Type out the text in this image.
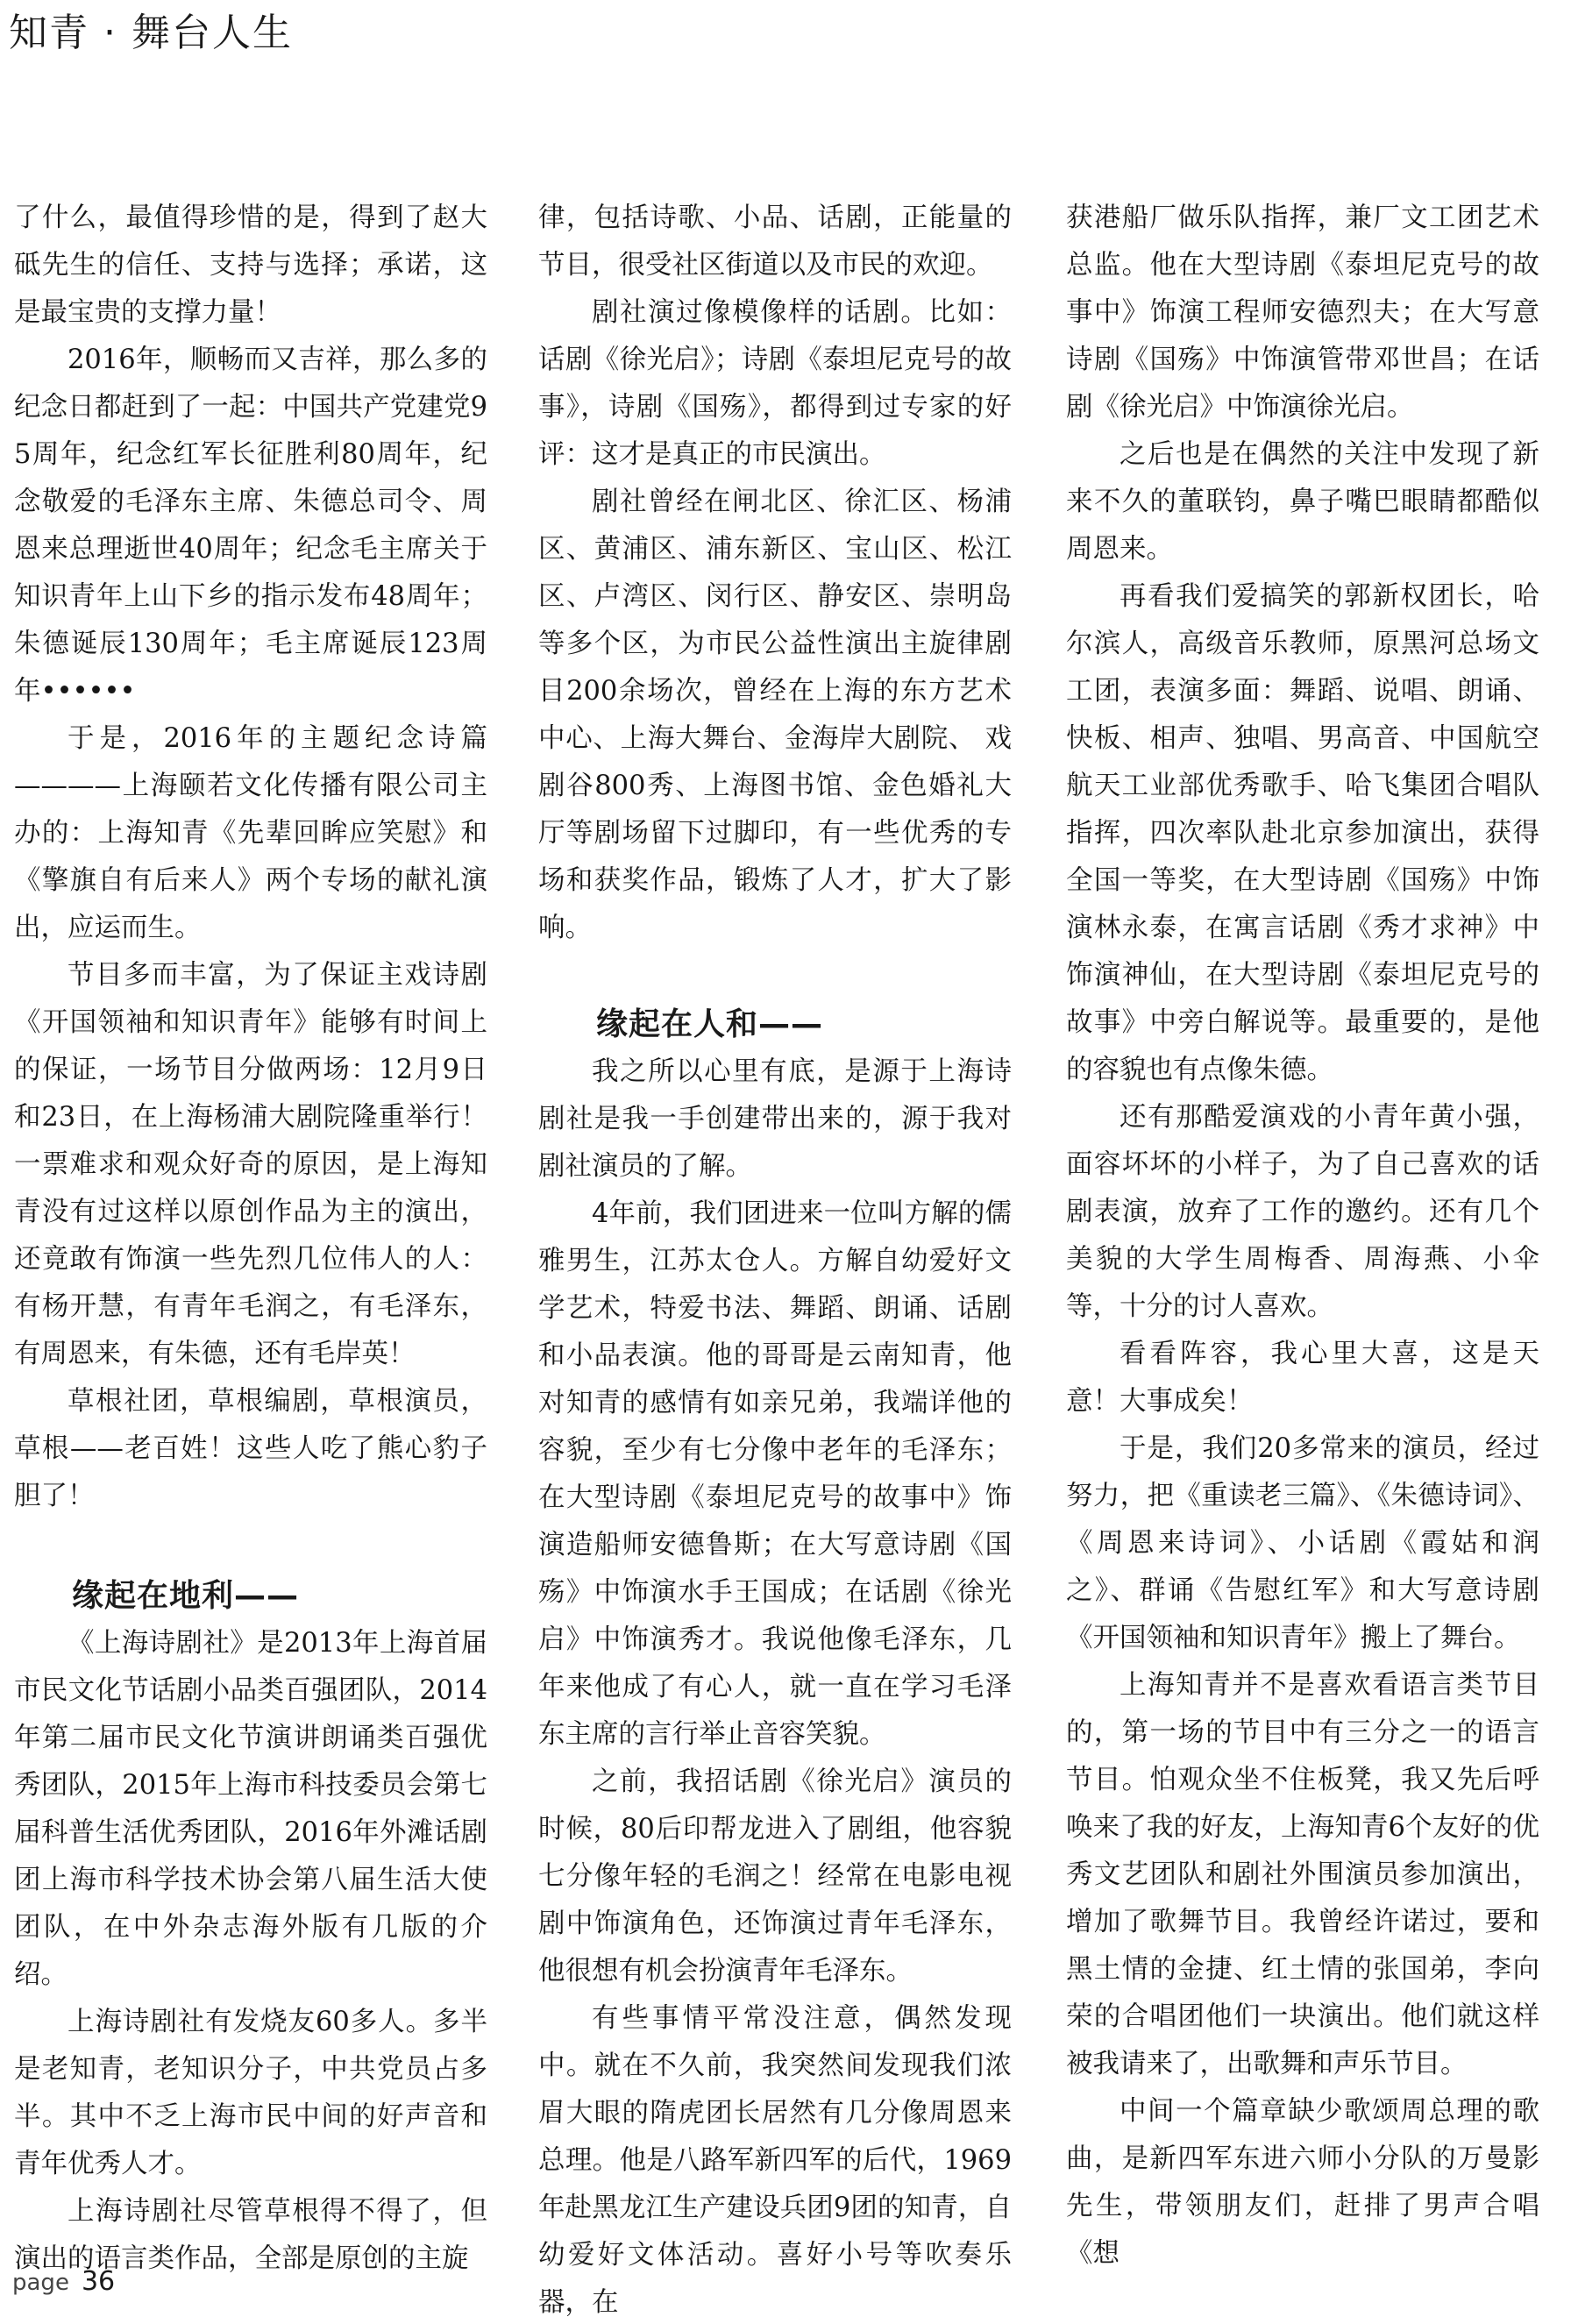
知青 · 舞台人生

了什么，最值得珍惜的是，得到了赵大砥先生的信任、支持与选择；承诺，这是最宝贵的支撑力量！

2016年，顺畅而又吉祥，那么多的纪念日都赶到了一起：中国共产党建党95周年，纪念红军长征胜利80周年，纪念敬爱的毛泽东主席、朱德总司令、周恩来总理逝世40周年；纪念毛主席关于知识青年上山下乡的指示发布48周年；朱德诞辰130周年；毛主席诞辰123周年••••••

于是，2016年的主题纪念诗篇————上海颐若文化传播有限公司主办的：上海知青《先辈回眸应笑慰》和《擎旗自有后来人》两个专场的献礼演出，应运而生。

节目多而丰富，为了保证主戏诗剧《开国领袖和知识青年》能够有时间上的保证，一场节目分做两场：12月9日和23日，在上海杨浦大剧院隆重举行！一票难求和观众好奇的原因，是上海知青没有过这样以原创作品为主的演出，还竟敢有饰演一些先烈几位伟人的人：有杨开慧，有青年毛润之，有毛泽东，有周恩来，有朱德，还有毛岸英！

草根社团，草根编剧，草根演员，草根——老百姓！这些人吃了熊心豹子胆了！

缘起在地利——

《上海诗剧社》是2013年上海首届市民文化节话剧小品类百强团队，2014年第二届市民文化节演讲朗诵类百强优秀团队，2015年上海市科技委员会第七届科普生活优秀团队，2016年外滩话剧团上海市科学技术协会第八届生活大使团队，在中外杂志海外版有几版的介绍。

上海诗剧社有发烧友60多人。多半是老知青，老知识分子，中共党员占多半。其中不乏上海市民中间的好声音和青年优秀人才。

上海诗剧社尽管草根得不得了，但演出的语言类作品，全部是原创的主旋

律，包括诗歌、小品、话剧，正能量的节目，很受社区街道以及市民的欢迎。

剧社演过像模像样的话剧。比如：话剧《徐光启》；诗剧《泰坦尼克号的故事》，诗剧《国殇》，都得到过专家的好评：这才是真正的市民演出。

剧社曾经在闸北区、徐汇区、杨浦区、黄浦区、浦东新区、宝山区、松江区、卢湾区、闵行区、静安区、崇明岛等多个区，为市民公益性演出主旋律剧目200余场次，曾经在上海的东方艺术中心、上海大舞台、金海岸大剧院、 戏剧谷800秀、上海图书馆、金色婚礼大厅等剧场留下过脚印，有一些优秀的专场和获奖作品，锻炼了人才，扩大了影响。

缘起在人和——

我之所以心里有底，是源于上海诗剧社是我一手创建带出来的，源于我对剧社演员的了解。

4年前，我们团进来一位叫方解的儒雅男生，江苏太仓人。方解自幼爱好文学艺术，特爱书法、舞蹈、朗诵、话剧和小品表演。他的哥哥是云南知青，他对知青的感情有如亲兄弟，我端详他的容貌，至少有七分像中老年的毛泽东；在大型诗剧《泰坦尼克号的故事中》饰演造船师安德鲁斯；在大写意诗剧《国殇》中饰演水手王国成；在话剧《徐光启》中饰演秀才。我说他像毛泽东，几年来他成了有心人，就一直在学习毛泽东主席的言行举止音容笑貌。

之前，我招话剧《徐光启》演员的时候，80后印帮龙进入了剧组，他容貌七分像年轻的毛润之！经常在电影电视剧中饰演角色，还饰演过青年毛泽东，他很想有机会扮演青年毛泽东。

有些事情平常没注意，偶然发现中。就在不久前，我突然间发现我们浓眉大眼的隋虎团长居然有几分像周恩来总理。他是八路军新四军的后代，1969年赴黑龙江生产建设兵团9团的知青，自幼爱好文体活动。喜好小号等吹奏乐器，在

获港船厂做乐队指挥，兼厂文工团艺术总监。他在大型诗剧《泰坦尼克号的故事中》饰演工程师安德烈夫；在大写意诗剧《国殇》中饰演管带邓世昌；在话剧《徐光启》中饰演徐光启。

之后也是在偶然的关注中发现了新来不久的董联钧，鼻子嘴巴眼睛都酷似周恩来。

再看我们爱搞笑的郭新权团长，哈尔滨人，高级音乐教师，原黑河总场文工团，表演多面：舞蹈、说唱、朗诵、快板、相声、独唱、男高音、中国航空航天工业部优秀歌手、哈飞集团合唱队指挥，四次率队赴北京参加演出，获得全国一等奖，在大型诗剧《国殇》中饰演林永泰，在寓言话剧《秀才求神》中饰演神仙，在大型诗剧《泰坦尼克号的故事》中旁白解说等。最重要的，是他的容貌也有点像朱德。

还有那酷爱演戏的小青年黄小强，面容坏坏的小样子，为了自己喜欢的话剧表演，放弃了工作的邀约。还有几个美貌的大学生周梅香、周海燕、小伞等，十分的讨人喜欢。

看看阵容，我心里大喜，这是天意！大事成矣！

于是，我们20多常来的演员，经过努力，把《重读老三篇》、《朱德诗词》、《周恩来诗词》、小话剧《霞姑和润之》、群诵《告慰红军》和大写意诗剧《开国领袖和知识青年》搬上了舞台。

上海知青并不是喜欢看语言类节目的，第一场的节目中有三分之一的语言节目。怕观众坐不住板凳，我又先后呼唤来了我的好友，上海知青6个友好的优秀文艺团队和剧社外围演员参加演出，增加了歌舞节目。我曾经许诺过，要和黑土情的金捷、红土情的张国弟，李向荣的合唱团他们一块演出。他们就这样被我请来了，出歌舞和声乐节目。

中间一个篇章缺少歌颂周总理的歌曲，是新四军东进六师小分队的万曼影先生，带领朋友们，赶排了男声合唱《想

page 36
